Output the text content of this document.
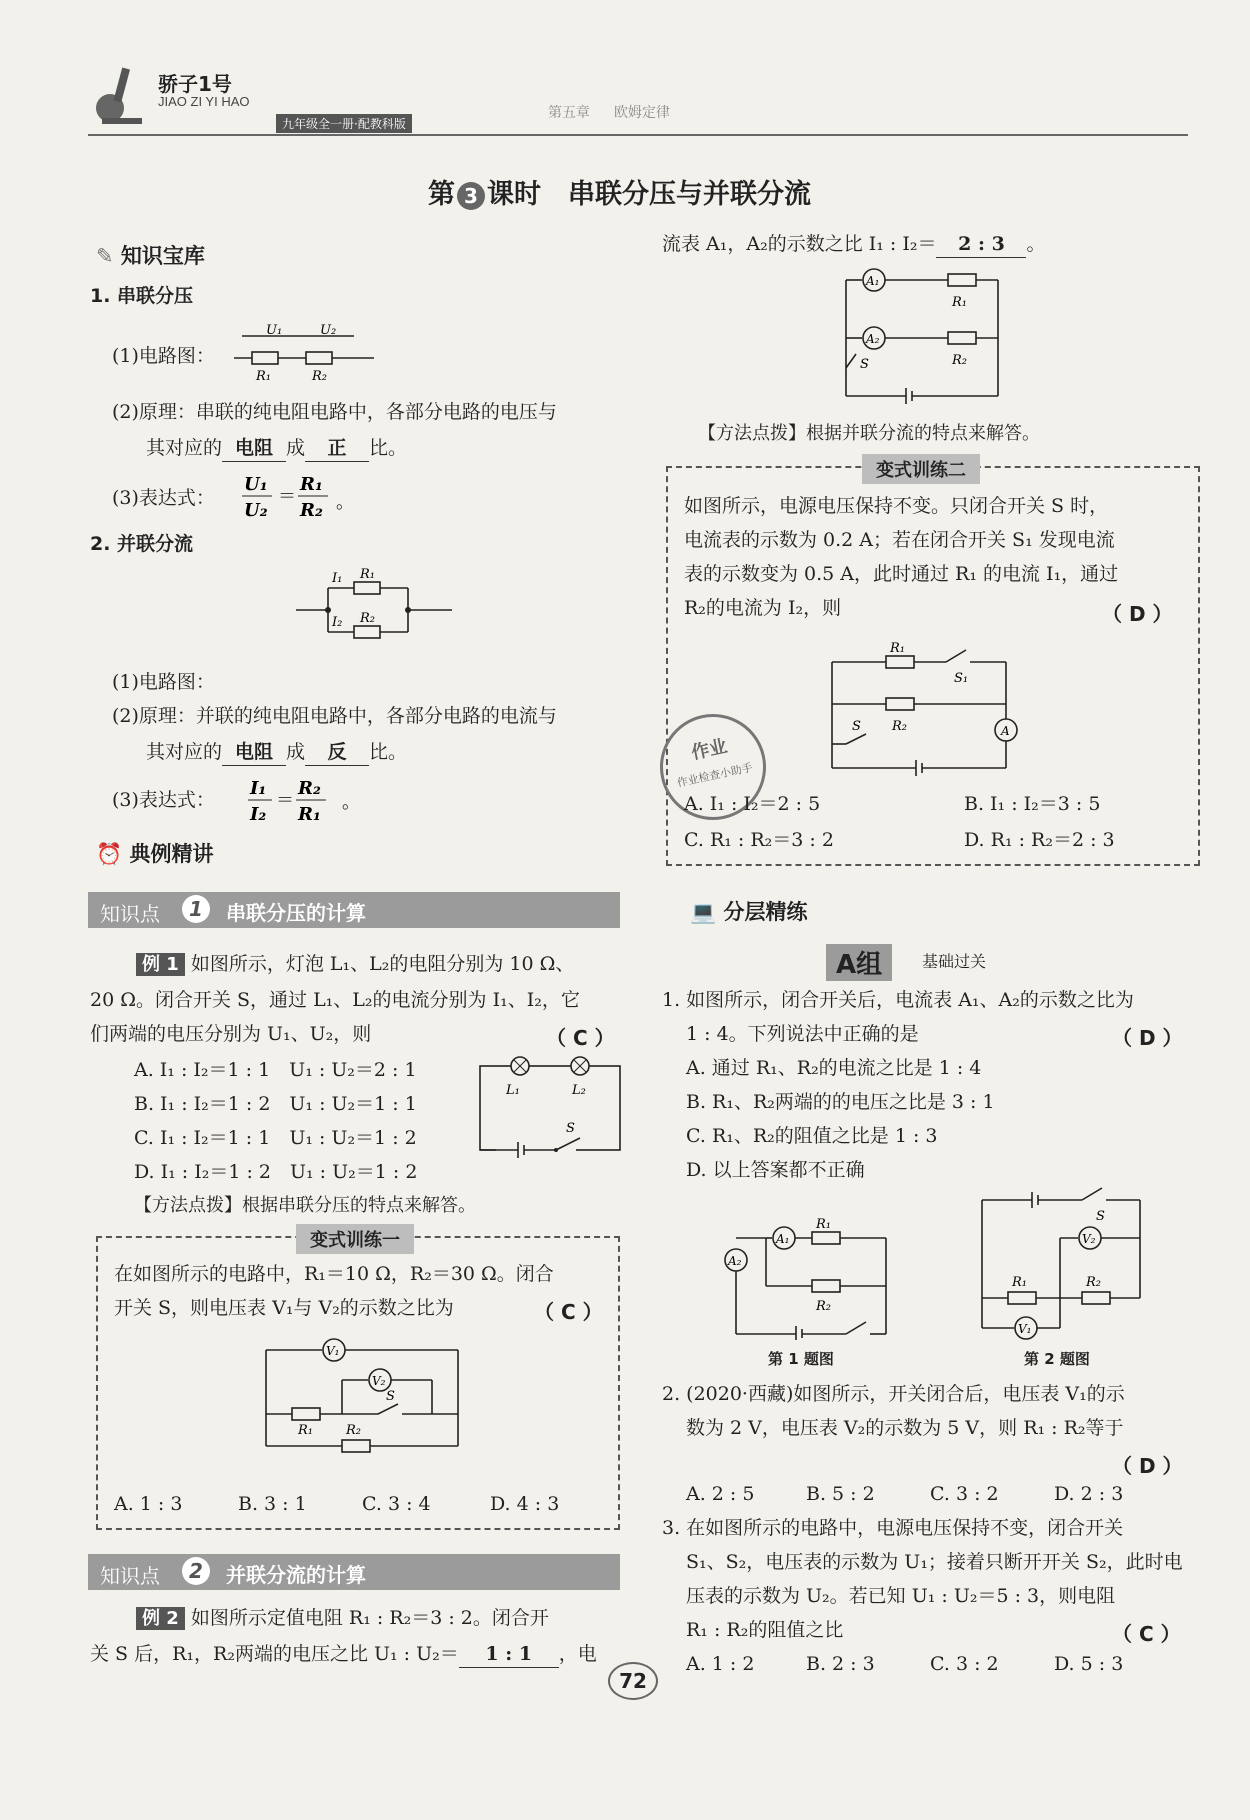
骄子1号
JIAO ZI YI HAO
九年级全一册·配教科版
第五章 欧姆定律
第 3 课时　串联分压与并联分流
✎ 知识宝库
1. 串联分压
(1)电路图：
U₁	U₂
R₁	R₂
(2)原理：串联的纯电阻电路中，各部分电路的电压与
其对应的 电阻 成 正 比。
(3)表达式：
U₁
U₂
＝
R₁
R₂ 。
2. 并联分流
I₁ R₁
I₂ R₂
(1)电路图：
(2)原理：并联的纯电阻电路中，各部分电路的电流与
其对应的 电阻 成 反 比。
(3)表达式：
I₁
I₂
＝
R₂
R₁
。
⏰ 典例精讲
知识点	1	串联分压的计算
例 1 如图所示，灯泡 L₁、L₂的电阻分别为 10 Ω、
20 Ω。闭合开关 S，通过 L₁、L₂的电流分别为 I₁、I₂，它
们两端的电压分别为 U₁、U₂，则	（ C ）
A. I₁ : I₂＝1 : 1　U₁ : U₂＝2 : 1
B. I₁ : I₂＝1 : 2　U₁ : U₂＝1 : 1
C. I₁ : I₂＝1 : 1　U₁ : U₂＝1 : 2
D. I₁ : I₂＝1 : 2　U₁ : U₂＝1 : 2
L₁	L₂
S
【方法点拨】根据串联分压的特点来解答。
变式训练一
在如图所示的电路中，R₁＝10 Ω，R₂＝30 Ω。闭合
开关 S，则电压表 V₁与 V₂的示数之比为	（ C ）
V₁
R₁
S
V₂
R₂
A. 1 : 3	B. 3 : 1	C. 3 : 4	D. 4 : 3
知识点	2	并联分流的计算
例 2 如图所示定值电阻 R₁ : R₂＝3 : 2。闭合开
关 S 后，R₁，R₂两端的电压之比 U₁ : U₂＝ 1 : 1 ，电
流表 A₁，A₂的示数之比 I₁ : I₂＝ 2 : 3 。
A₁
R₁
A₂
R₂
S
【方法点拨】根据并联分流的特点来解答。
变式训练二
如图所示，电源电压保持不变。只闭合开关 S 时，
电流表的示数为 0.2 A；若在闭合开关 S₁ 发现电流
表的示数变为 0.5 A，此时通过 R₁ 的电流 I₁，通过
R₂的电流为 I₂，则	（ D ）
R₁
S₁
R₂	A
S
作业
作业检查小助手
A. I₁ : I₂＝2 : 5	B. I₁ : I₂＝3 : 5
C. R₁ : R₂＝3 : 2	D. R₁ : R₂＝2 : 3
💻 分层精练
A组	基础过关
1. 如图所示，闭合开关后，电流表 A₁、A₂的示数之比为
1 : 4。下列说法中正确的是	（ D ）
A. 通过 R₁、R₂的电流之比是 1 : 4
B. R₁、R₂两端的的电压之比是 3 : 1
C. R₁、R₂的阻值之比是 1 : 3
D. 以上答案都不正确
A₂
A₁
R₁
R₂
第 1 题图
R₁	R₂
V₂
V₁
S
第 2 题图
2. (2020·西藏)如图所示，开关闭合后，电压表 V₁的示
数为 2 V，电压表 V₂的示数为 5 V，则 R₁ : R₂等于
（ D ）
A. 2 : 5	B. 5 : 2	C. 3 : 2	D. 2 : 3
3. 在如图所示的电路中，电源电压保持不变，闭合开关
S₁、S₂，电压表的示数为 U₁；接着只断开开关 S₂，此时电
压表的示数为 U₂。若已知 U₁ : U₂＝5 : 3，则电阻
R₁ : R₂的阻值之比	（ C ）
A. 1 : 2	B. 2 : 3	C. 3 : 2	D. 5 : 3
72
